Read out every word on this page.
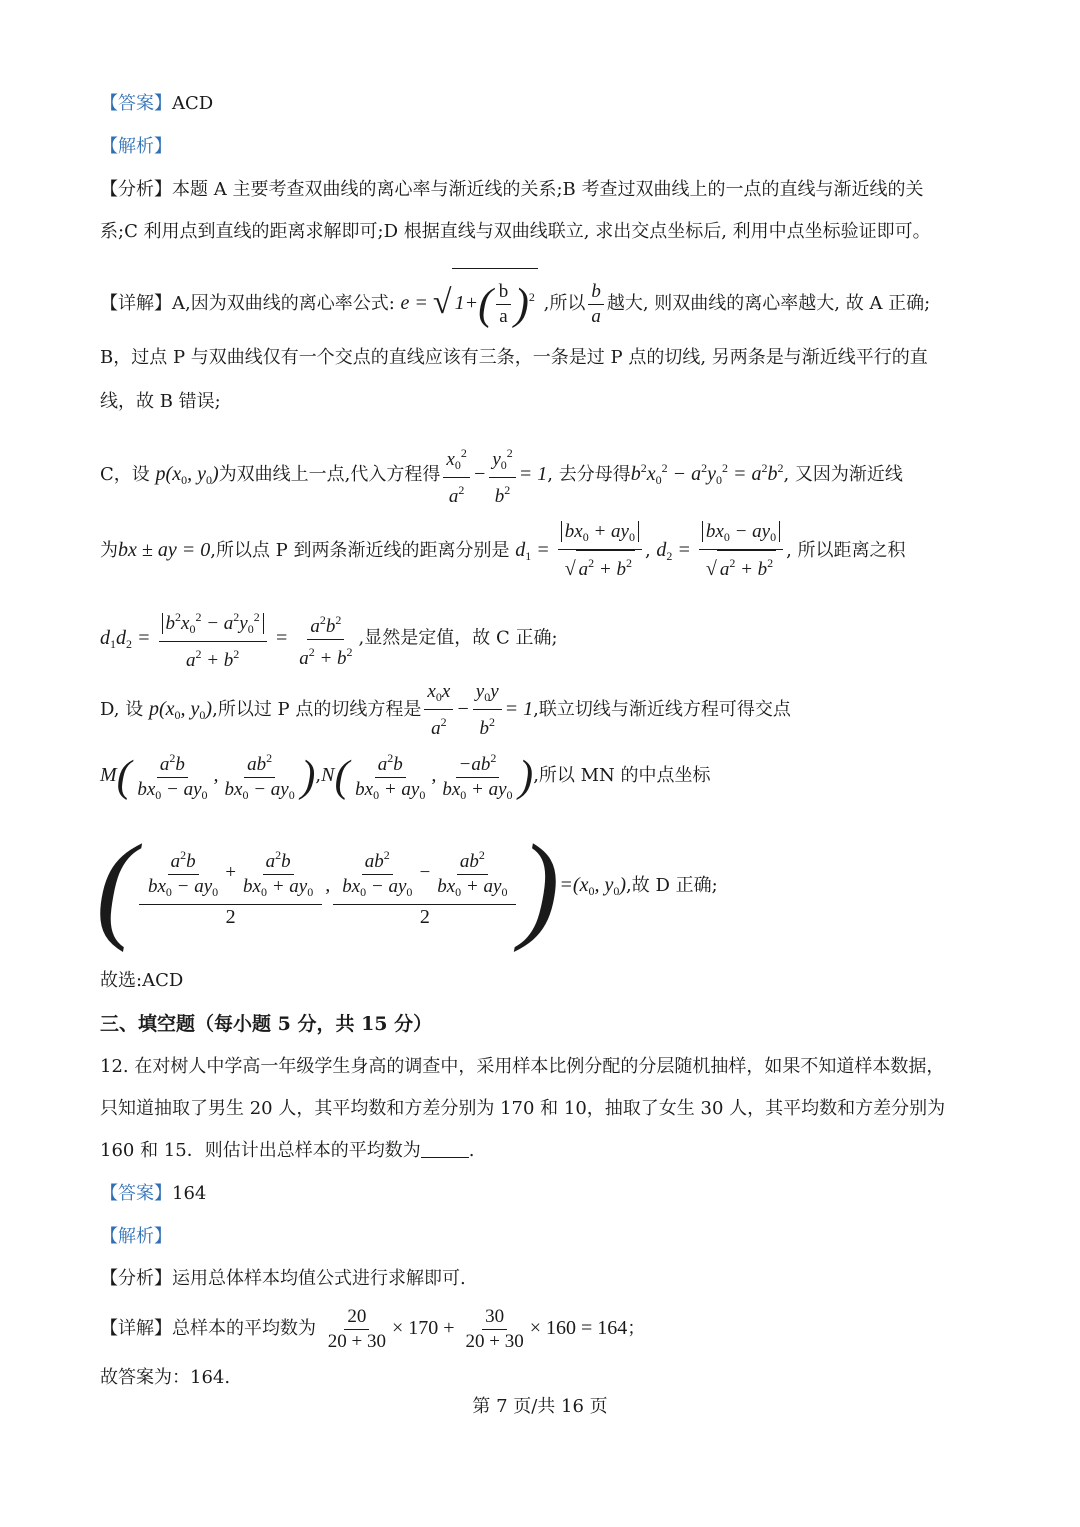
【答案】ACD
【解析】
【分析】本题 A 主要考查双曲线的离心率与渐近线的关系;B 考查过双曲线上的一点的直线与渐近线的关
系;C 利用点到直线的距离求解即可;D 根据直线与双曲线联立, 求出交点坐标后, 利用中点坐标验证即可。
【详解】A,因为双曲线的离心率公式: e = √ $1+( \frac{b}{a} )^2$ ,所以 $\frac{b}{a}$ 越大, 则双曲线的离心率越大, 故 A 正确;
B，过点 P 与双曲线仅有一个交点的直线应该有三条，一条是过 P 点的切线, 另两条是与渐近线平行的直
线，故 B 错误;
C，设 $p(x_0$, $y_0$)为双曲线上一点,代入方程得 $\frac{x_0^2}{a^2} - \frac{y_0^2}{b^2} = 1$, 去分母得$b^2x_0^2 - a^2y_0^2 = a^2b^2$, 又因为渐近线
为bx ± ay = 0,所以点 P 到两条渐近线的距离分别是 $d_1 = \frac{bx_0 + ay_0}{√ a^2 + b^2}$ , $d_2 = \frac{bx_0 - ay_0}{√ a^2 + b^2}$ , 所以距离之积
$d_1d_2 = \frac{b^2x_0^2 - a^2y_0^2}{a^2 + b^2} = \frac{a^2b^2}{a^2 + b^2}$ ,显然是定值，故 C 正确;
D, 设 $p(x_0$, $y_0$),所以过 P 点的切线方程是 $\frac{x_0x}{a^2} - \frac{y_0y}{b^2} = 1$,联立切线与渐近线方程可得交点
$M( \frac{a^2b}{bx_0 - ay_0}$ , $\frac{ab^2}{bx_0 - ay_0} ),N( \frac{a^2b}{bx_0 + ay_0}$ , $\frac{-ab^2}{bx_0 + ay_0}$ ),所以 MN 的中点坐标
( $\frac{\frac{a^2b}{bx_0 - ay_0} + \frac{a^2b}{bx_0 + ay_0}}{2}$ , $\frac{\frac{ab^2}{bx_0 - ay_0} - \frac{ab^2}{bx_0 + ay_0}}{2} )=(x_0$, $y_0$),故 D 正确;
故选:ACD
三、填空题（每小题 5 分，共 15 分）
12. 在对树人中学高一年级学生身高的调查中，采用样本比例分配的分层随机抽样，如果不知道样本数据，
只知道抽取了男生 20 人，其平均数和方差分别为 170 和 10，抽取了女生 30 人，其平均数和方差分别为
160 和 15．则估计出总样本的平均数为	.
【答案】164
【解析】
【分析】运用总体样本均值公式进行求解即可.
【详解】总样本的平均数为 $\frac{20}{20 + 30} \times 170 + \frac{30}{20 + 30} \times 160 = 164$；
故答案为：164.
第 7 页/共 16 页
